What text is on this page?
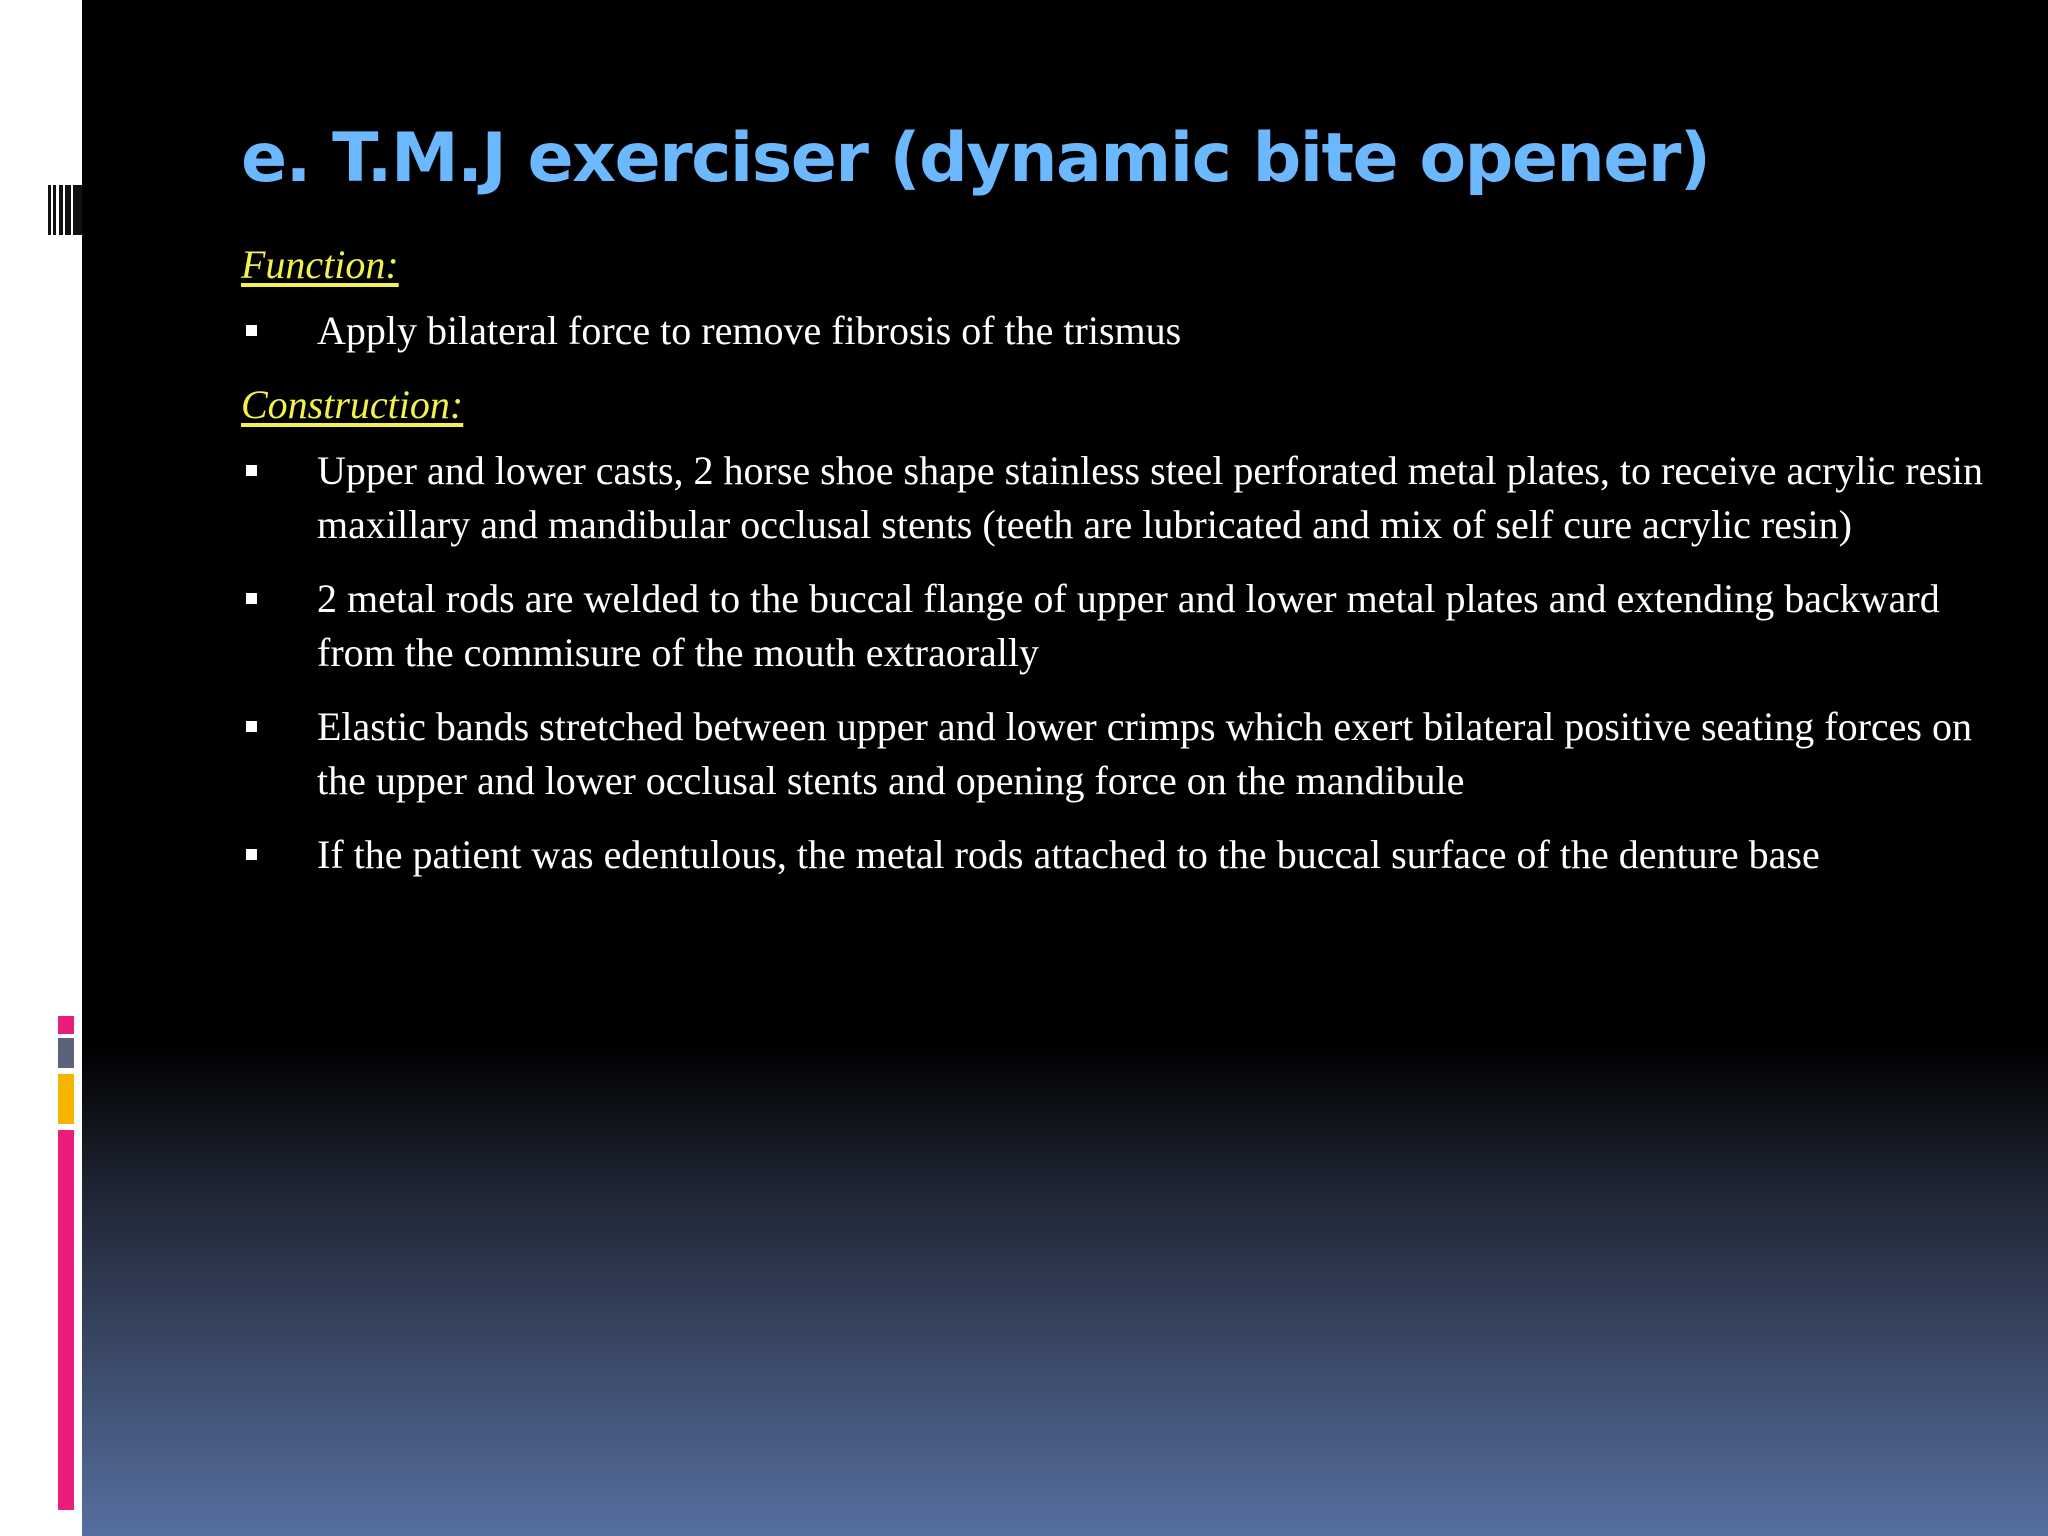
e. T.M.J exerciser (dynamic bite opener)
Function:
Apply bilateral force to remove fibrosis of the trismus
Construction:
Upper and lower casts, 2 horse shoe shape stainless steel perforated metal plates, to receive acrylic resin maxillary and mandibular occlusal stents (teeth are lubricated and mix of self cure acrylic resin)
2 metal rods are welded to the buccal flange of upper and lower metal plates and extending backward from the commisure of the mouth extraorally
Elastic bands stretched between upper and lower crimps which exert bilateral positive seating forces on the upper and lower occlusal stents and opening force on the mandibule
If the patient was edentulous, the metal rods attached to the buccal surface of the denture base
